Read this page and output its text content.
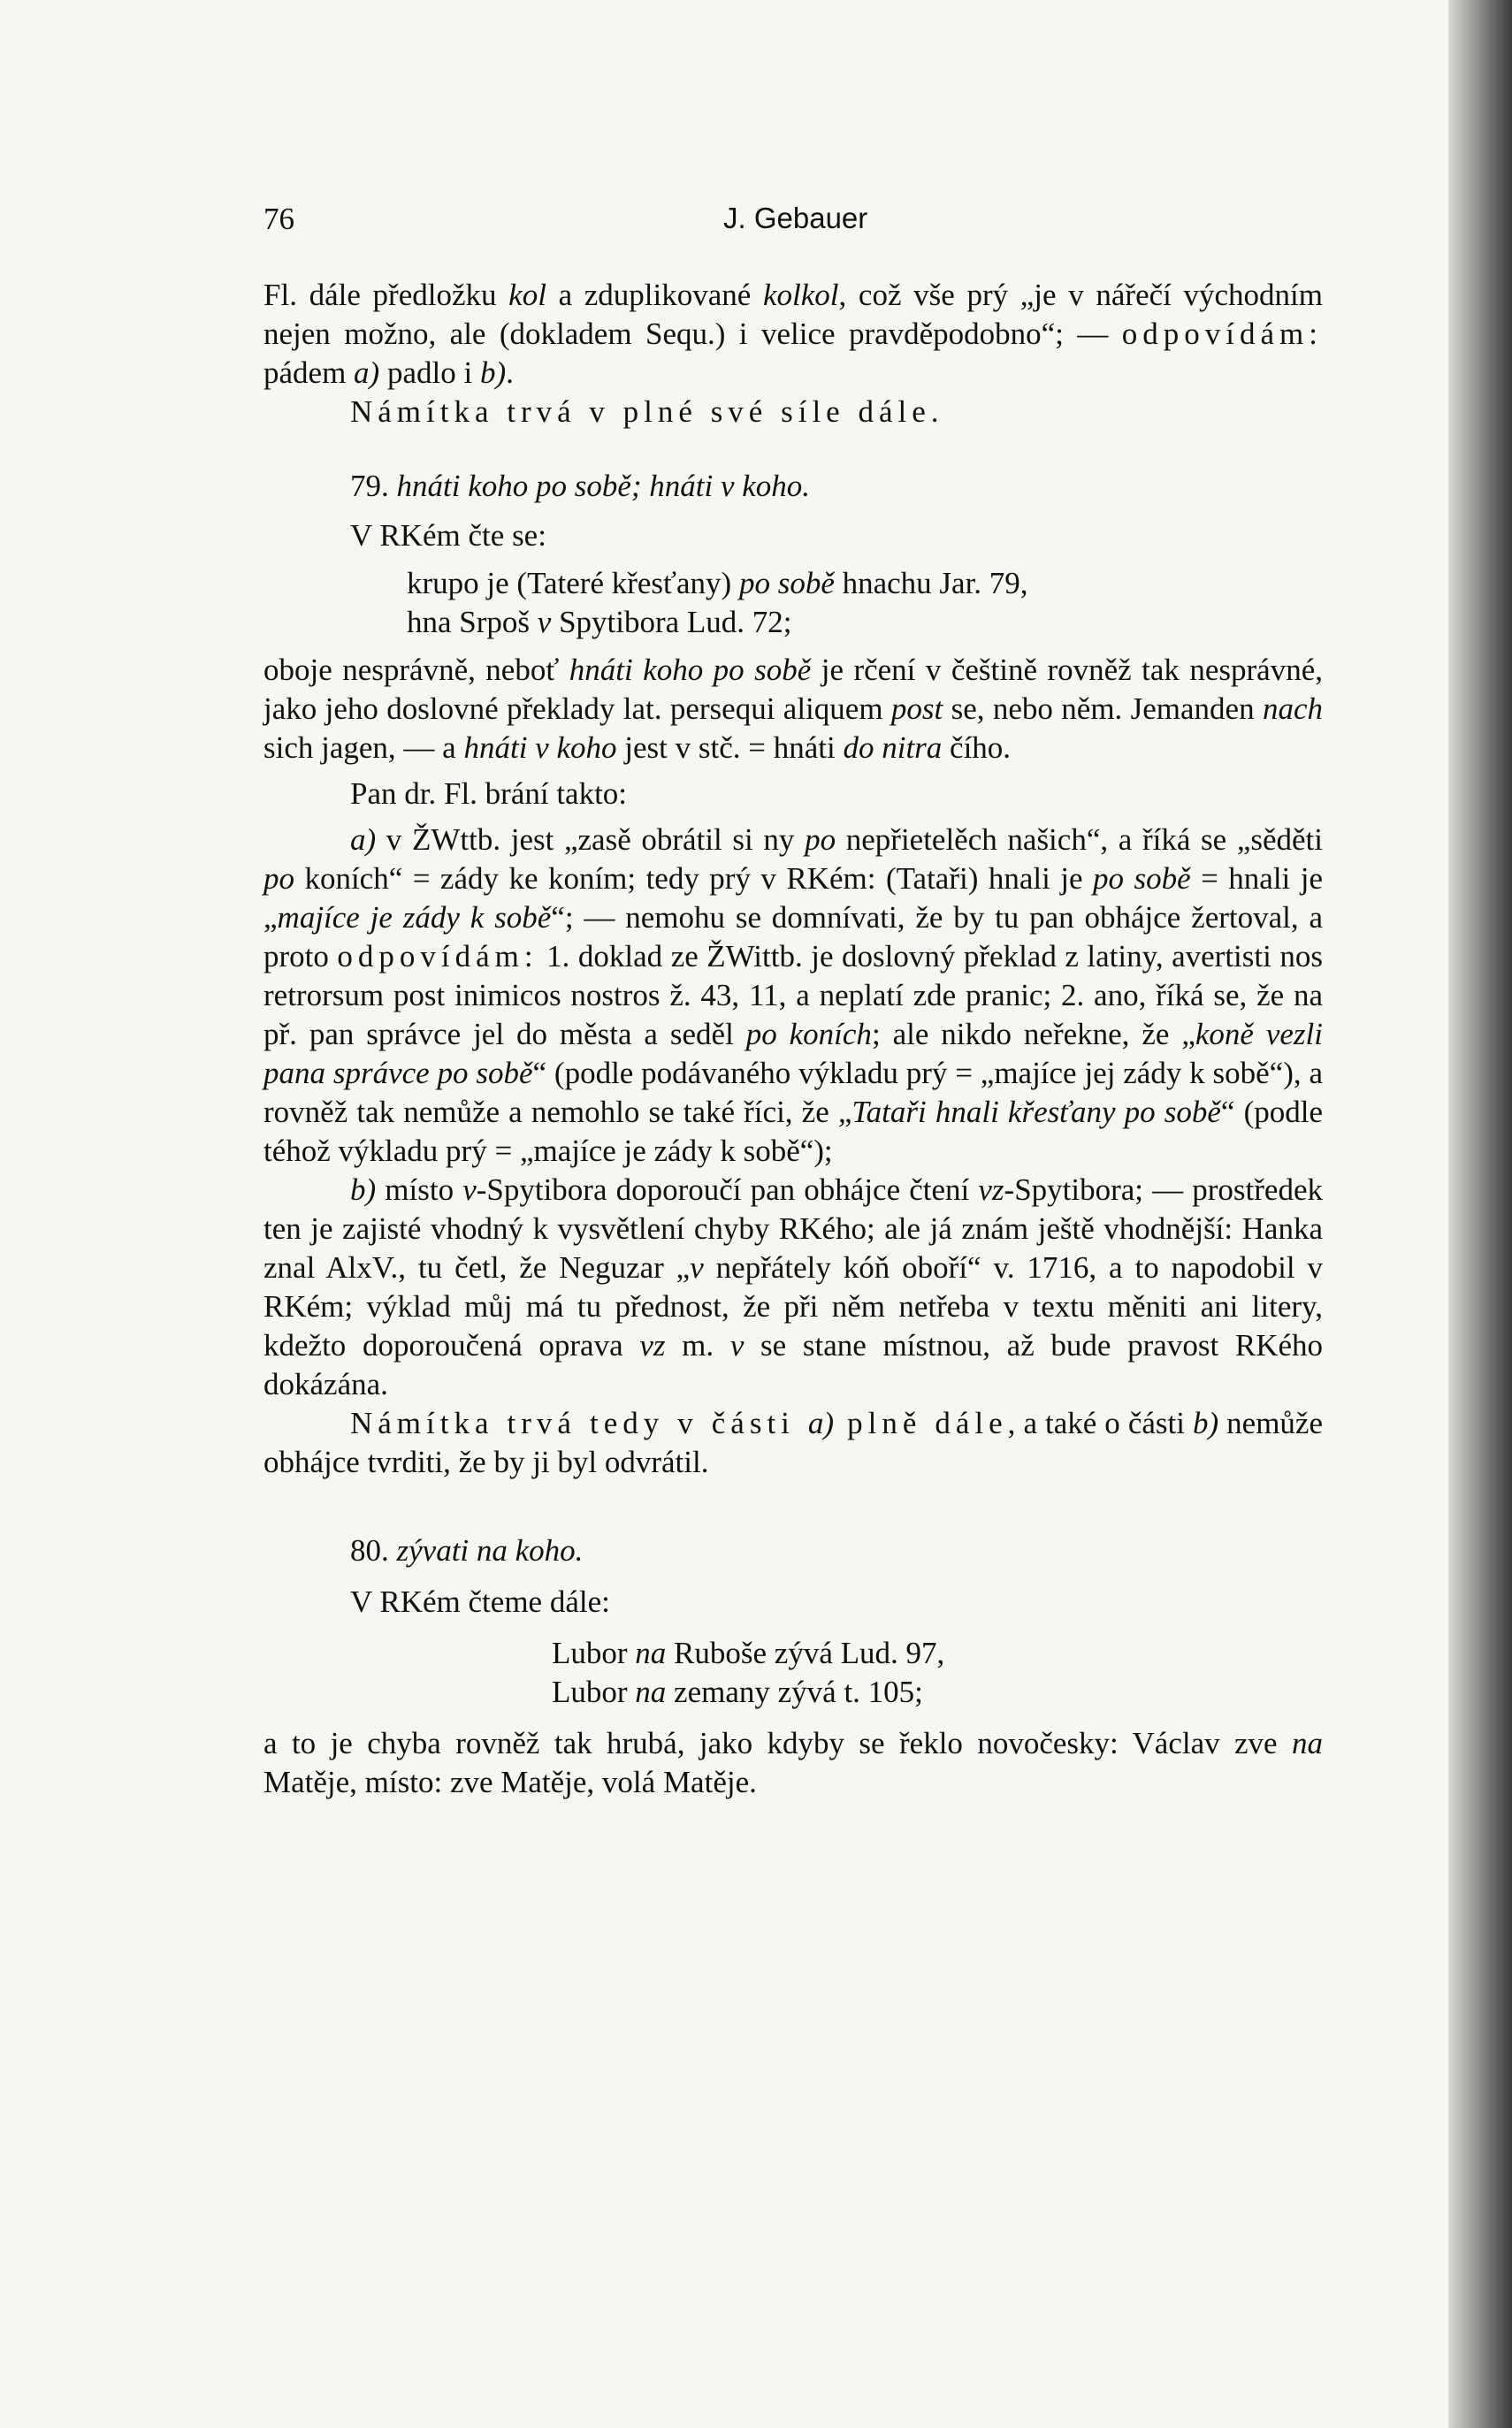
76	J. Gebauer

Fl. dále předložku kol a zduplikované kolkol, což vše prý „je v nářečí východním nejen možno, ale (dokladem Sequ.) i velice pravděpodobno“; — odpovídám: pádem a) padlo i b).

Námítka trvá v plné své síle dále.

79. hnáti koho po sobě; hnáti v koho.

V RKém čte se:

krupo je (Tateré křesťany) po sobě hnachu Jar. 79,

hna Srpoš v Spytibora Lud. 72;

oboje nesprávně, neboť hnáti koho po sobě je rčení v češtině rovněž tak nesprávné, jako jeho doslovné překlady lat. persequi aliquem post se, nebo něm. Jemanden nach sich jagen, — a hnáti v koho jest v stč. = hnáti do nitra čího.

Pan dr. Fl. brání takto:

a) v ŽWttb. jest „zasě obrátil si ny po nepřietelěch našich“, a říká se „sěděti po koních“ = zády ke koním; tedy prý v RKém: (Tataři) hnali je po sobě = hnali je „majíce je zády k sobě“; — nemohu se domnívati, že by tu pan obhájce žertoval, a proto odpovídám: 1. doklad ze ŽWittb. je doslovný překlad z latiny, avertisti nos retrorsum post inimicos nostros ž. 43, 11, a neplatí zde pranic; 2. ano, říká se, že na př. pan správce jel do města a seděl po koních; ale nikdo neřekne, že „koně vezli pana správce po sobě“ (podle podávaného výkladu prý = „majíce jej zády k sobě“), a rovněž tak nemůže a nemohlo se také říci, že „Tataři hnali křesťany po sobě“ (podle téhož výkladu prý = „majíce je zády k sobě“);

b) místo v-Spytibora doporoučí pan obhájce čtení vz-Spytibora; — prostředek ten je zajisté vhodný k vysvětlení chyby RKého; ale já znám ještě vhodnější: Hanka znal AlxV., tu četl, že Neguzar „v nepřátely kóň oboří“ v. 1716, a to napodobil v RKém; výklad můj má tu přednost, že při něm netřeba v textu měniti ani litery, kdežto doporoučená oprava vz m. v se stane místnou, až bude pravost RKého dokázána.

Námítka trvá tedy v části a) plně dále, a také o části b) nemůže obhájce tvrditi, že by ji byl odvrátil.

80. zývati na koho.

V RKém čteme dále:

Lubor na Ruboše zývá Lud. 97,

Lubor na zemany zývá t. 105;

a to je chyba rovněž tak hrubá, jako kdyby se řeklo novočesky: Václav zve na Matěje, místo: zve Matěje, volá Matěje.
